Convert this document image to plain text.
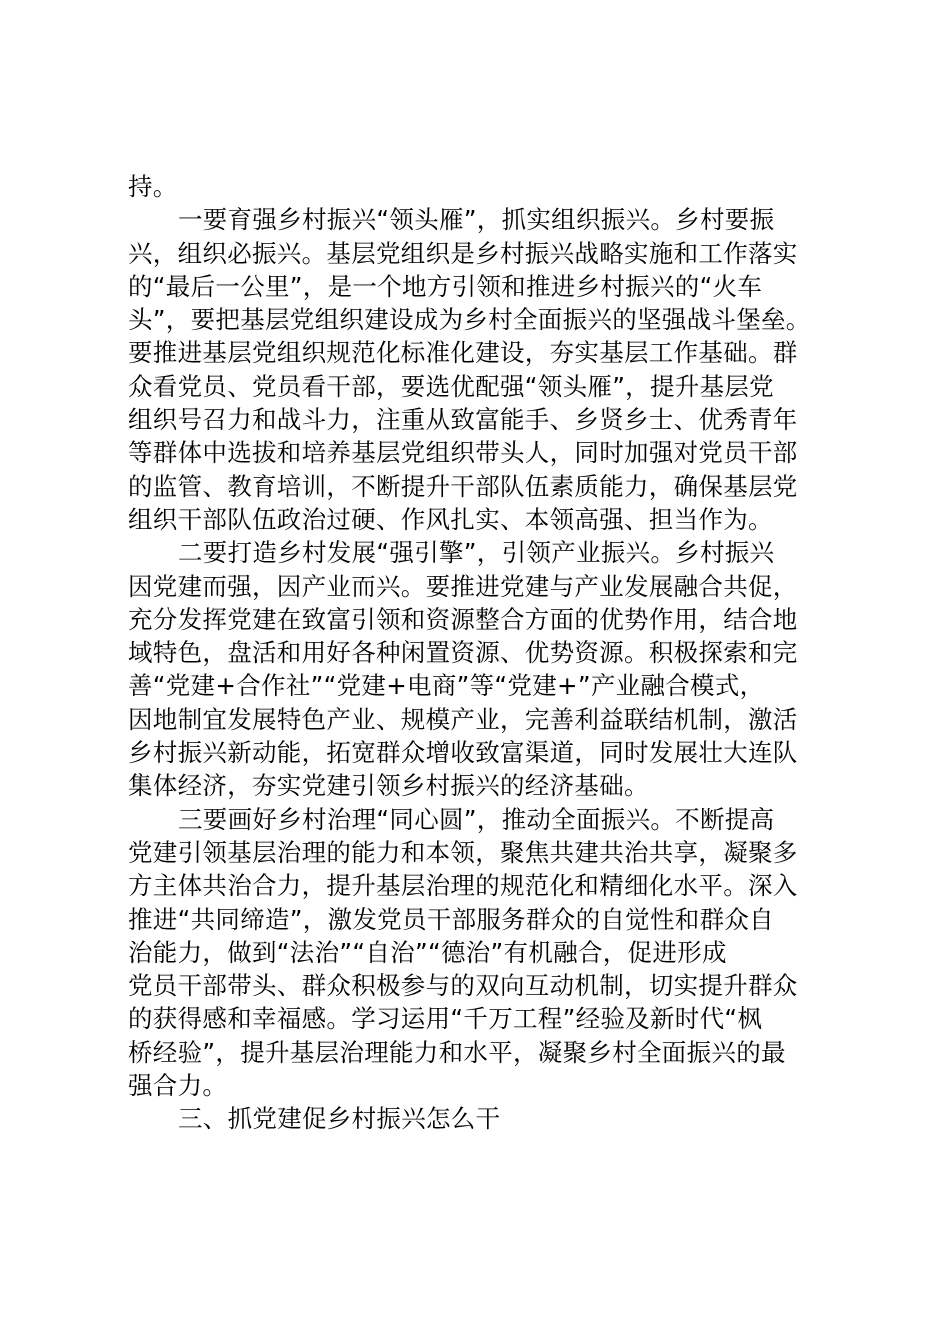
持。
一要育强乡村振兴“领头雁”，抓实组织振兴。乡村要振
兴，组织必振兴。基层党组织是乡村振兴战略实施和工作落实
的“最后一公里”，是一个地方引领和推进乡村振兴的“火车
头”，要把基层党组织建设成为乡村全面振兴的坚强战斗堡垒。
要推进基层党组织规范化标准化建设，夯实基层工作基础。群
众看党员、党员看干部，要选优配强“领头雁”，提升基层党
组织号召力和战斗力，注重从致富能手、乡贤乡士、优秀青年
等群体中选拔和培养基层党组织带头人，同时加强对党员干部
的监管、教育培训，不断提升干部队伍素质能力，确保基层党
组织干部队伍政治过硬、作风扎实、本领高强、担当作为。
二要打造乡村发展“强引擎”，引领产业振兴。乡村振兴
因党建而强，因产业而兴。要推进党建与产业发展融合共促，
充分发挥党建在致富引领和资源整合方面的优势作用，结合地
域特色，盘活和用好各种闲置资源、优势资源。积极探索和完
善“党建+合作社”“党建+电商”等“党建+”产业融合模式，
因地制宜发展特色产业、规模产业，完善利益联结机制，激活
乡村振兴新动能，拓宽群众增收致富渠道，同时发展壮大连队
集体经济，夯实党建引领乡村振兴的经济基础。
三要画好乡村治理“同心圆”，推动全面振兴。不断提高
党建引领基层治理的能力和本领，聚焦共建共治共享，凝聚多
方主体共治合力，提升基层治理的规范化和精细化水平。深入
推进“共同缔造”，激发党员干部服务群众的自觉性和群众自
治能力，做到“法治”“自治”“德治”有机融合，促进形成
党员干部带头、群众积极参与的双向互动机制，切实提升群众
的获得感和幸福感。学习运用“千万工程”经验及新时代“枫
桥经验”，提升基层治理能力和水平，凝聚乡村全面振兴的最
强合力。
三、抓党建促乡村振兴怎么干
